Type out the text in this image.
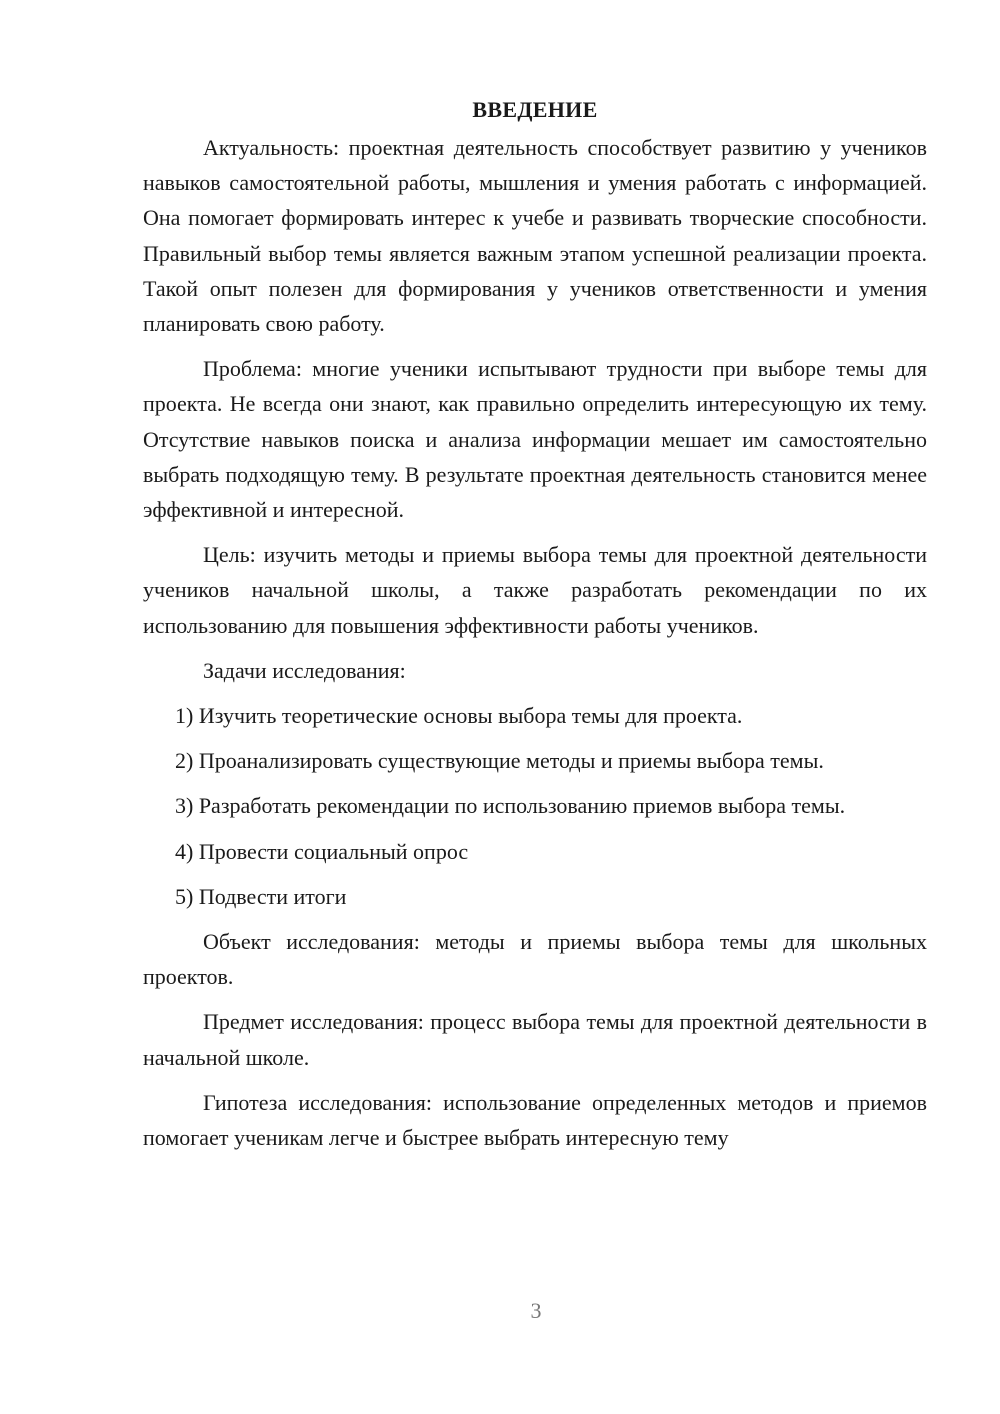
ВВЕДЕНИЕ

Актуальность: проектная деятельность способствует развитию у учеников навыков самостоятельной работы, мышления и умения работать с информацией. Она помогает формировать интерес к учебе и развивать творческие способности. Правильный выбор темы является важным этапом успешной реализации проекта. Такой опыт полезен для формирования у учеников ответственности и умения планировать свою работу.

Проблема: многие ученики испытывают трудности при выборе темы для проекта. Не всегда они знают, как правильно определить интересующую их тему. Отсутствие навыков поиска и анализа информации мешает им самостоятельно выбрать подходящую тему. В результате проектная деятельность становится менее эффективной и интересной.

Цель: изучить методы и приемы выбора темы для проектной деятельности учеников начальной школы, а также разработать рекомендации по их использованию для повышения эффективности работы учеников.

Задачи исследования:

1) Изучить теоретические основы выбора темы для проекта.

2) Проанализировать существующие методы и приемы выбора темы.

3) Разработать рекомендации по использованию приемов выбора темы.

4) Провести социальный опрос

5) Подвести итоги

Объект исследования: методы и приемы выбора темы для школьных проектов.

Предмет исследования: процесс выбора темы для проектной деятельности в начальной школе.

Гипотеза исследования: использование определенных методов и приемов помогает ученикам легче и быстрее выбрать интересную тему

3
